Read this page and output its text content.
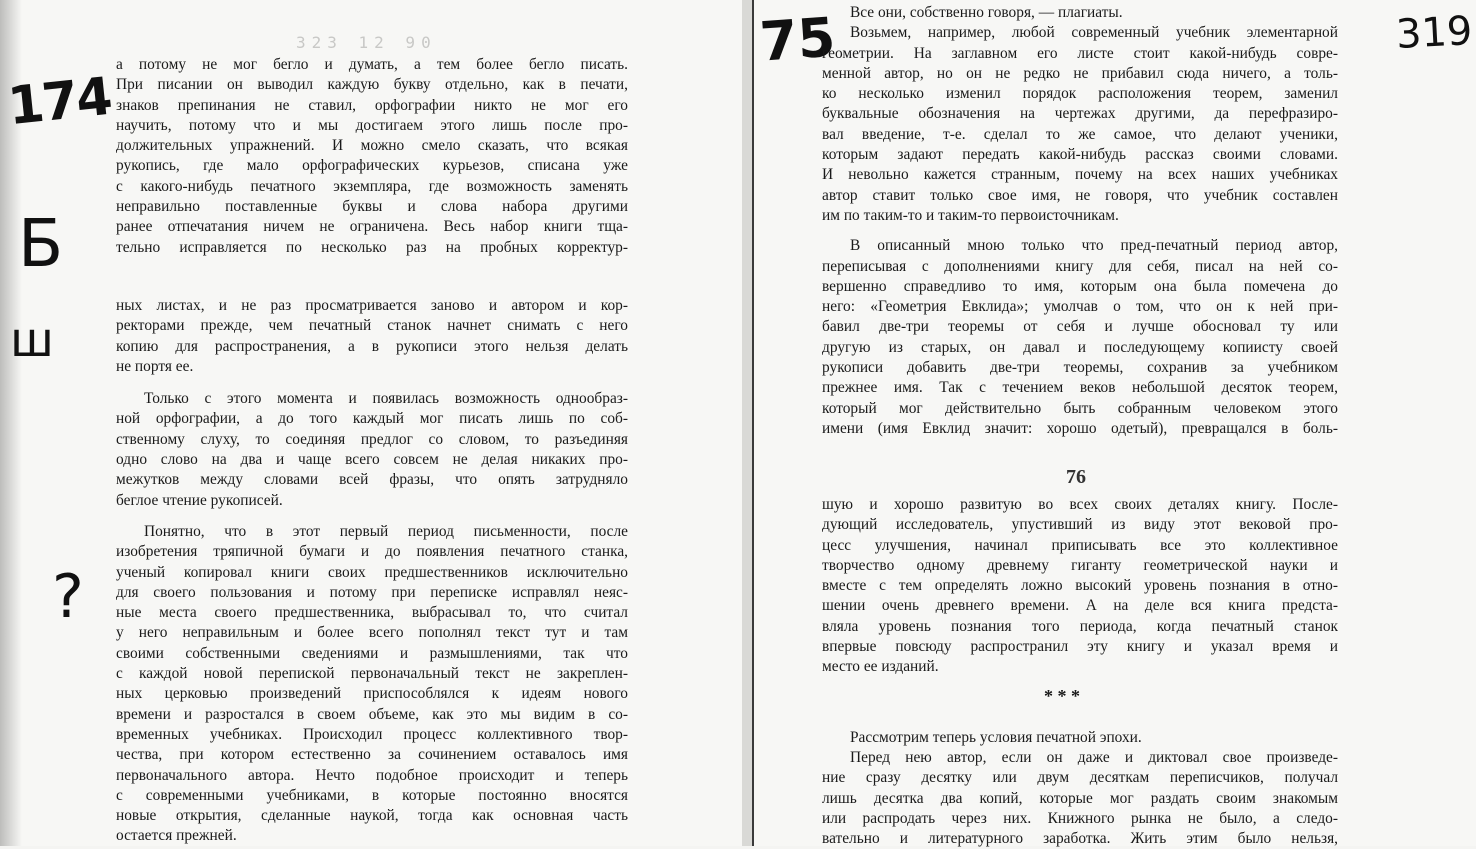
323 12 90
174
Б
ш
?
а потому не мог бегло и думать, а тем более бегло писать.
При писании он выводил каждую букву отдельно, как в печати,
знаков препинания не ставил, орфографии никто не мог его
научить, потому что и мы достигаем этого лишь после про-
должительных упражнений. И можно смело сказать, что всякая
рукопись, где мало орфографических курьезов, списана уже
с какого-нибудь печатного экземпляра, где возможность заменять
неправильно поставленные буквы и слова набора другими
ранее отпечатания ничем не ограничена. Весь набор книги тща-
тельно исправляется по несколько раз на пробных корректур-
ных листах, и не раз просматривается заново и автором и кор-
ректорами прежде, чем печатный станок начнет снимать с него
копию для распространения, а в рукописи этого нельзя делать
не портя ее.
Только с этого момента и появилась возможность однообраз-
ной орфографии, а до того каждый мог писать лишь по соб-
ственному слуху, то соединяя предлог со словом, то разъединяя
одно слово на два и чаще всего совсем не делая никаких про-
межутков между словами всей фразы, что опять затрудняло
беглое чтение рукописей.
Понятно, что в этот первый период письменности, после
изобретения тряпичной бумаги и до появления печатного станка,
ученый копировал книги своих предшественников исключительно
для своего пользования и потому при переписке исправлял неяс-
ные места своего предшественника, выбрасывал то, что считал
у него неправильным и более всего пополнял текст тут и там
своими собственными сведениями и размышлениями, так что
с каждой новой перепиской первоначальный текст не закреплен-
ных церковью произведений приспособлялся к идеям нового
времени и разростался в своем объеме, как это мы видим в со-
временных учебниках. Происходил процесс коллективного твор-
чества, при котором естественно за сочинением оставалось имя
первоначального автора. Нечто подобное происходит и теперь
с современными учебниками, в которые постоянно вносятся
новые открытия, сделанные наукой, тогда как основная часть
остается прежней.
75	319
Все они, собственно говоря, — плагиаты.
Возьмем, например, любой современный учебник элементарной
геометрии. На заглавном его листе стоит какой-нибудь совре-
менной автор, но он не редко не прибавил сюда ничего, а толь-
ко несколько изменил порядок расположения теорем, заменил
буквальные обозначения на чертежах другими, да перефразиро-
вал введение, т-е. сделал то же самое, что делают ученики,
которым задают передать какой-нибудь рассказ своими словами.
И невольно кажется странным, почему на всех наших учебниках
автор ставит только свое имя, не говоря, что учебник составлен
им по таким-то и таким-то первоисточникам.
В описанный мною только что пред-печатный период автор,
переписывая с дополнениями книгу для себя, писал на ней со-
вершенно справедливо то имя, которым она была помечена до
него: «Геометрия Евклида»; умолчав о том, что он к ней при-
бавил две-три теоремы от себя и лучше обосновал ту или
другую из старых, он давал и последующему копиисту своей
рукописи добавить две-три теоремы, сохранив за учебником
прежнее имя. Так с течением веков небольшой десяток теорем,
который мог действительно быть собранным человеком этого
имени (имя Евклид значит: хорошо одетый), превращался в боль-
76
шую и хорошо развитую во всех своих деталях книгу. После-
дующий исследователь, упустивший из виду этот вековой про-
цесс улучшения, начинал приписывать все это коллективное
творчество одному древнему гиганту геометрической науки и
вместе с тем определять ложно высокий уровень познания в отно-
шении очень древнего времени. А на деле вся книга предста-
вляла уровень познания того периода, когда печатный станок
впервые повсюду распространил эту книгу и указал время и
место ее изданий.
Рассмотрим теперь условия печатной эпохи.
Перед нею автор, если он даже и диктовал свое произведе-
ние сразу десятку или двум десяткам переписчиков, получал
лишь десятка два копий, которые мог раздать своим знакомым
или распродать через них. Книжного рынка не было, а следо-
вательно и литературного заработка. Жить этим было нельзя,
* * *
